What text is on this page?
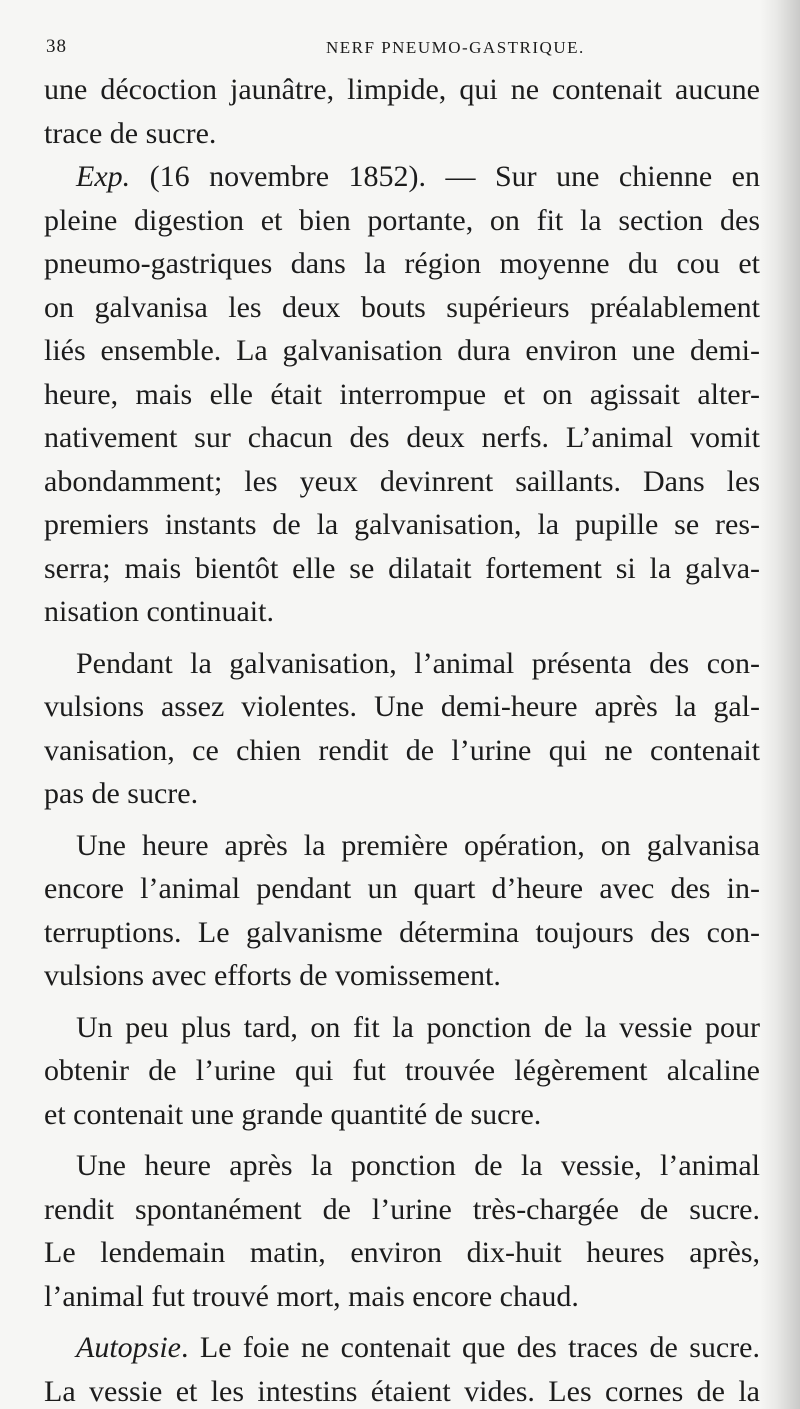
38	NERF PNEUMO-GASTRIQUE.
une décoction jaunâtre, limpide, qui ne contenait aucune
trace de sucre.
Exp. (16 novembre 1852). — Sur une chienne en
pleine digestion et bien portante, on fit la section des
pneumo-gastriques dans la région moyenne du cou et
on galvanisa les deux bouts supérieurs préalablement
liés ensemble. La galvanisation dura environ une demi-
heure, mais elle était interrompue et on agissait alter-
nativement sur chacun des deux nerfs. L’animal vomit
abondamment; les yeux devinrent saillants. Dans les
premiers instants de la galvanisation, la pupille se res-
serra; mais bientôt elle se dilatait fortement si la galva-
nisation continuait.
Pendant la galvanisation, l’animal présenta des con-
vulsions assez violentes. Une demi-heure après la gal-
vanisation, ce chien rendit de l’urine qui ne contenait
pas de sucre.
Une heure après la première opération, on galvanisa
encore l’animal pendant un quart d’heure avec des in-
terruptions. Le galvanisme détermina toujours des con-
vulsions avec efforts de vomissement.
Un peu plus tard, on fit la ponction de la vessie pour
obtenir de l’urine qui fut trouvée légèrement alcaline
et contenait une grande quantité de sucre.
Une heure après la ponction de la vessie, l’animal
rendit spontanément de l’urine très-chargée de sucre.
Le lendemain matin, environ dix-huit heures après,
l’animal fut trouvé mort, mais encore chaud.
Autopsie. Le foie ne contenait que des traces de sucre.
La vessie et les intestins étaient vides. Les cornes de la
